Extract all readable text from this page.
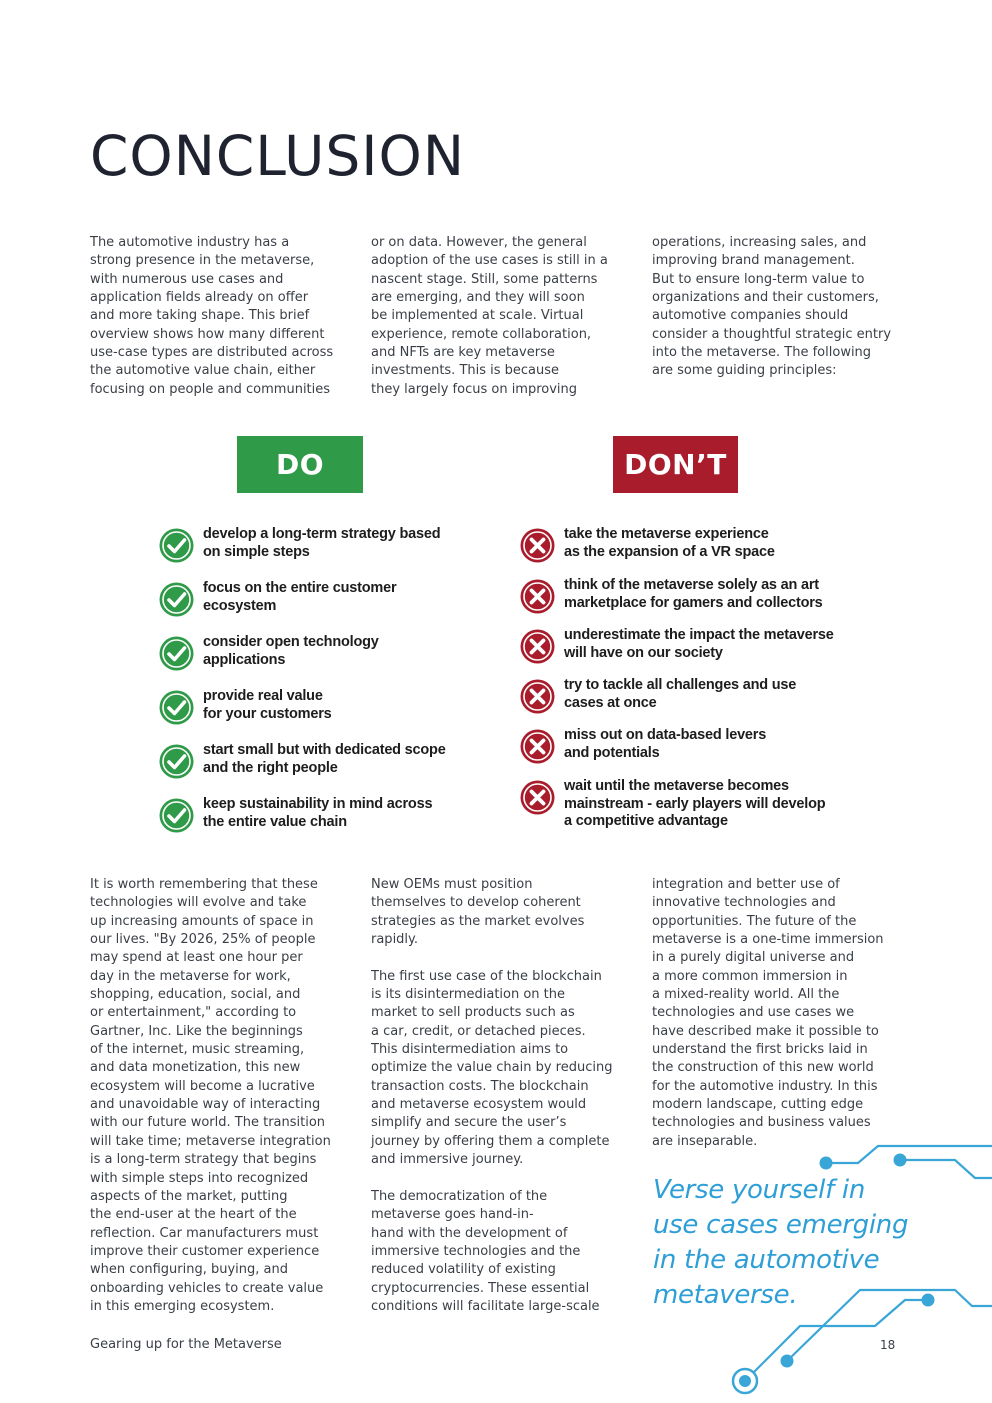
CONCLUSION

The automotive industry has a
strong presence in the metaverse,
with numerous use cases and
application fields already on offer
and more taking shape. This brief
overview shows how many different
use-case types are distributed across
the automotive value chain, either
focusing on people and communities

or on data. However, the general
adoption of the use cases is still in a
nascent stage. Still, some patterns
are emerging, and they will soon
be implemented at scale. Virtual
experience, remote collaboration,
and NFTs are key metaverse
investments. This is because
they largely focus on improving

operations, increasing sales, and
improving brand management.
But to ensure long-term value to
organizations and their customers,
automotive companies should
consider a thoughtful strategic entry
into the metaverse. The following
are some guiding principles:

DO	DON’T
develop a long-term strategy based
on simple steps
focus on the entire customer
ecosystem
consider open technology
applications
provide real value
for your customers
start small but with dedicated scope
and the right people
keep sustainability in mind across
the entire value chain
take the metaverse experience
as the expansion of a VR space
think of the metaverse solely as an art
marketplace for gamers and collectors
underestimate the impact the metaverse
will have on our society
try to tackle all challenges and use
cases at once
miss out on data-based levers
and potentials
wait until the metaverse becomes
mainstream - early players will develop
a competitive advantage

It is worth remembering that these
technologies will evolve and take
up increasing amounts of space in
our lives. "By 2026, 25% of people
may spend at least one hour per
day in the metaverse for work,
shopping, education, social, and
or entertainment," according to
Gartner, Inc. Like the beginnings
of the internet, music streaming,
and data monetization, this new
ecosystem will become a lucrative
and unavoidable way of interacting
with our future world. The transition
will take time; metaverse integration
is a long-term strategy that begins
with simple steps into recognized
aspects of the market, putting
the end-user at the heart of the
reflection. Car manufacturers must
improve their customer experience
when configuring, buying, and
onboarding vehicles to create value
in this emerging ecosystem.

New OEMs must position
themselves to develop coherent
strategies as the market evolves
rapidly.

The first use case of the blockchain
is its disintermediation on the
market to sell products such as
a car, credit, or detached pieces.
This disintermediation aims to
optimize the value chain by reducing
transaction costs. The blockchain
and metaverse ecosystem would
simplify and secure the user’s
journey by offering them a complete
and immersive journey.

The democratization of the
metaverse goes hand-in-
hand with the development of
immersive technologies and the
reduced volatility of existing
cryptocurrencies. These essential
conditions will facilitate large-scale

integration and better use of
innovative technologies and
opportunities. The future of the
metaverse is a one-time immersion
in a purely digital universe and
a more common immersion in
a mixed-reality world. All the
technologies and use cases we
have described make it possible to
understand the first bricks laid in
the construction of this new world
for the automotive industry. In this
modern landscape, cutting edge
technologies and business values
are inseparable.

Verse yourself in
use cases emerging
in the automotive
metaverse.
Gearing up for the Metaverse	18
